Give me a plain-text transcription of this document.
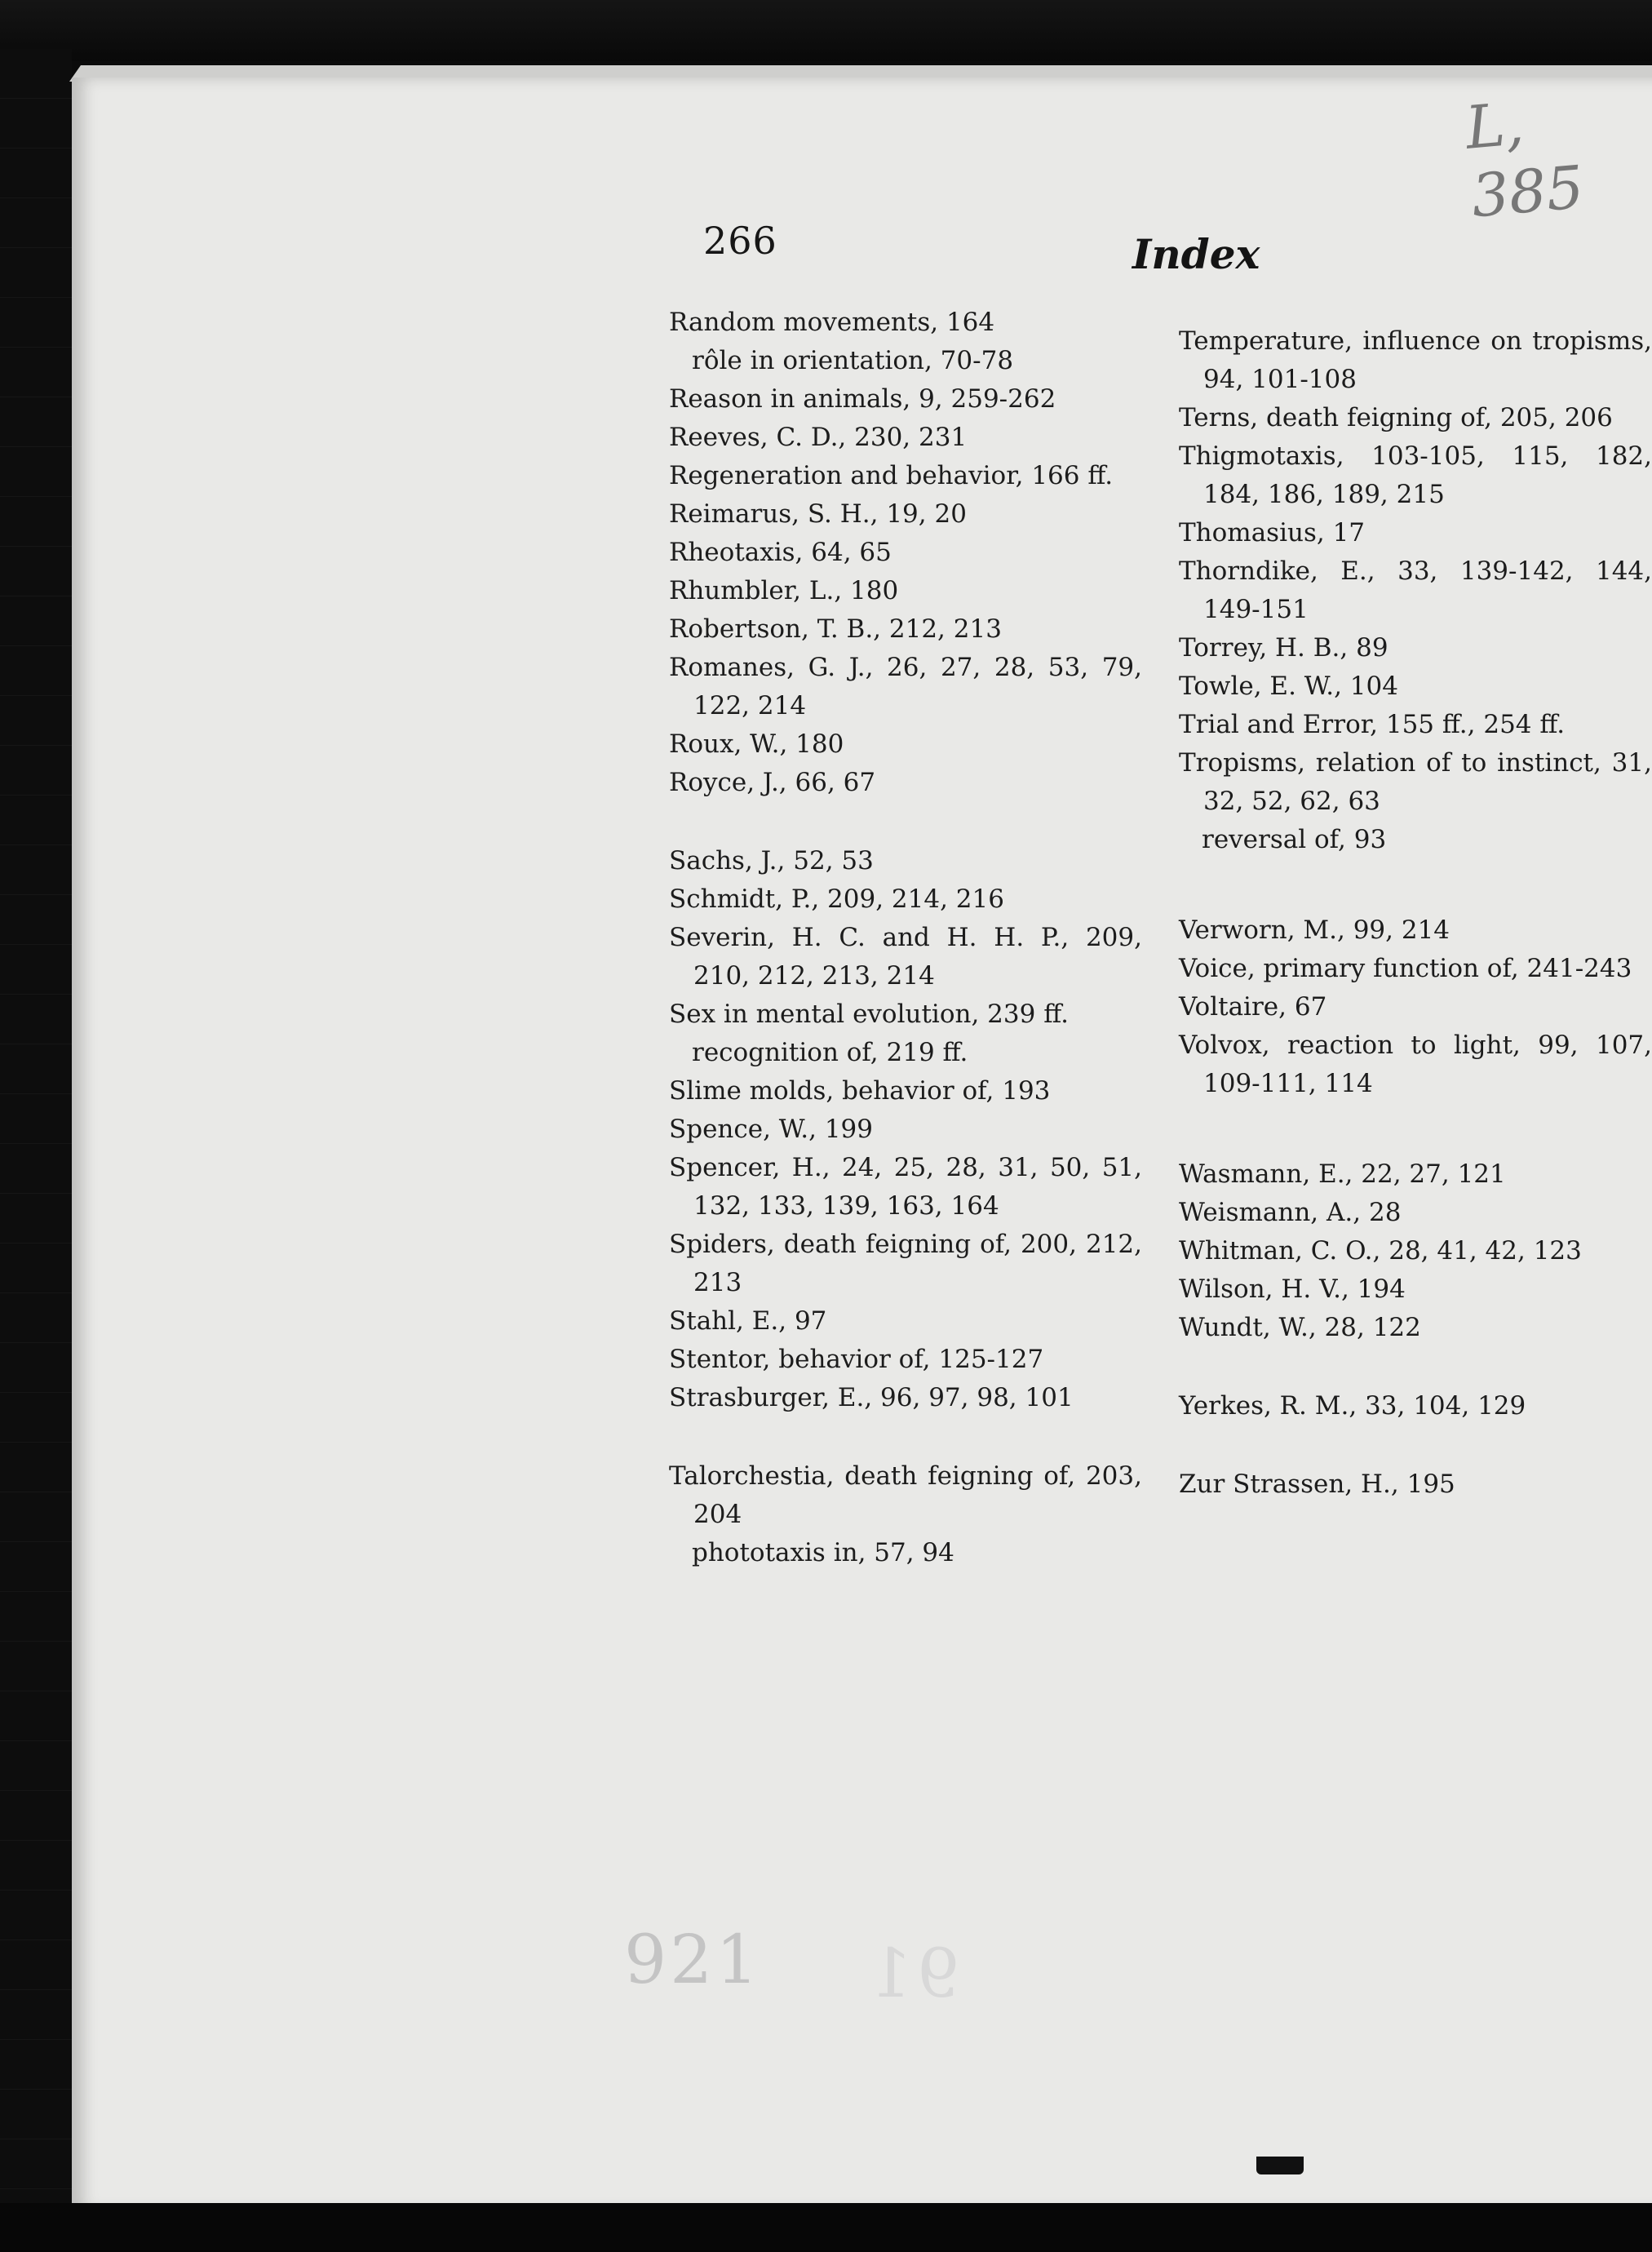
L, 385
266	Index
Random movements, 164
rôle in orientation, 70-78
Reason in animals, 9, 259-262
Reeves, C. D., 230, 231
Regeneration and behavior, 166 ff.
Reimarus, S. H., 19, 20
Rheotaxis, 64, 65
Rhumbler, L., 180
Robertson, T. B., 212, 213
Romanes, G. J., 26, 27, 28, 53, 79, 122, 214
Roux, W., 180
Royce, J., 66, 67
Sachs, J., 52, 53
Schmidt, P., 209, 214, 216
Severin, H. C. and H. H. P., 209, 210, 212, 213, 214
Sex in mental evolution, 239 ff.
recognition of, 219 ff.
Slime molds, behavior of, 193
Spence, W., 199
Spencer, H., 24, 25, 28, 31, 50, 51, 132, 133, 139, 163, 164
Spiders, death feigning of, 200, 212, 213
Stahl, E., 97
Stentor, behavior of, 125-127
Strasburger, E., 96, 97, 98, 101
Talorchestia, death feigning of, 203, 204
phototaxis in, 57, 94
Temperature, influence on tropisms, 94, 101-108
Terns, death feigning of, 205, 206
Thigmotaxis, 103-105, 115, 182, 184, 186, 189, 215
Thomasius, 17
Thorndike, E., 33, 139-142, 144, 149-151
Torrey, H. B., 89
Towle, E. W., 104
Trial and Error, 155 ff., 254 ff.
Tropisms, relation of to instinct, 31, 32, 52, 62, 63
reversal of, 93
Verworn, M., 99, 214
Voice, primary function of, 241-243
Voltaire, 67
Volvox, reaction to light, 99, 107, 109-111, 114
Wasmann, E., 22, 27, 121
Weismann, A., 28
Whitman, C. O., 28, 41, 42, 123
Wilson, H. V., 194
Wundt, W., 28, 122
Yerkes, R. M., 33, 104, 129
Zur Strassen, H., 195
921 91
